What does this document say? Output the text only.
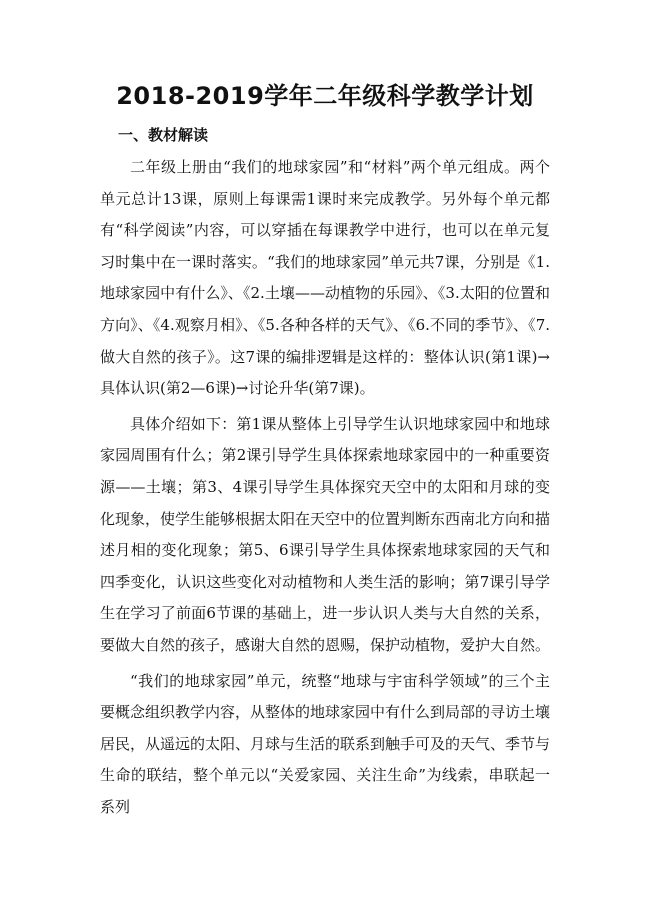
2018-2019学年二年级科学教学计划
一、教材解读

二年级上册由“我们的地球家园”和“材料”两个单元组成。两个单元总计13课，原则上每课需1课时来完成教学。另外每个单元都有“科学阅读”内容，可以穿插在每课教学中进行，也可以在单元复习时集中在一课时落实。“我们的地球家园”单元共7课，分别是《1.地球家园中有什么》、《2.土壤——动植物的乐园》、《3.太阳的位置和方向》、《4.观察月相》、《5.各种各样的天气》、《6.不同的季节》、《7.做大自然的孩子》。这7课的编排逻辑是这样的：整体认识(第1课)→具体认识(第2—6课)→讨论升华(第7课)。

具体介绍如下：第1课从整体上引导学生认识地球家园中和地球家园周围有什么；第2课引导学生具体探索地球家园中的一种重要资源——土壤；第3、4课引导学生具体探究天空中的太阳和月球的变化现象，使学生能够根据太阳在天空中的位置判断东西南北方向和描述月相的变化现象；第5、6课引导学生具体探索地球家园的天气和四季变化，认识这些变化对动植物和人类生活的影响；第7课引导学生在学习了前面6节课的基础上，进一步认识人类与大自然的关系，要做大自然的孩子，感谢大自然的恩赐，保护动植物，爱护大自然。

“我们的地球家园”单元，统整“地球与宇宙科学领域”的三个主要概念组织教学内容，从整体的地球家园中有什么到局部的寻访土壤居民，从遥远的太阳、月球与生活的联系到触手可及的天气、季节与生命的联结，整个单元以“关爱家园、关注生命”为线索，串联起一系列
